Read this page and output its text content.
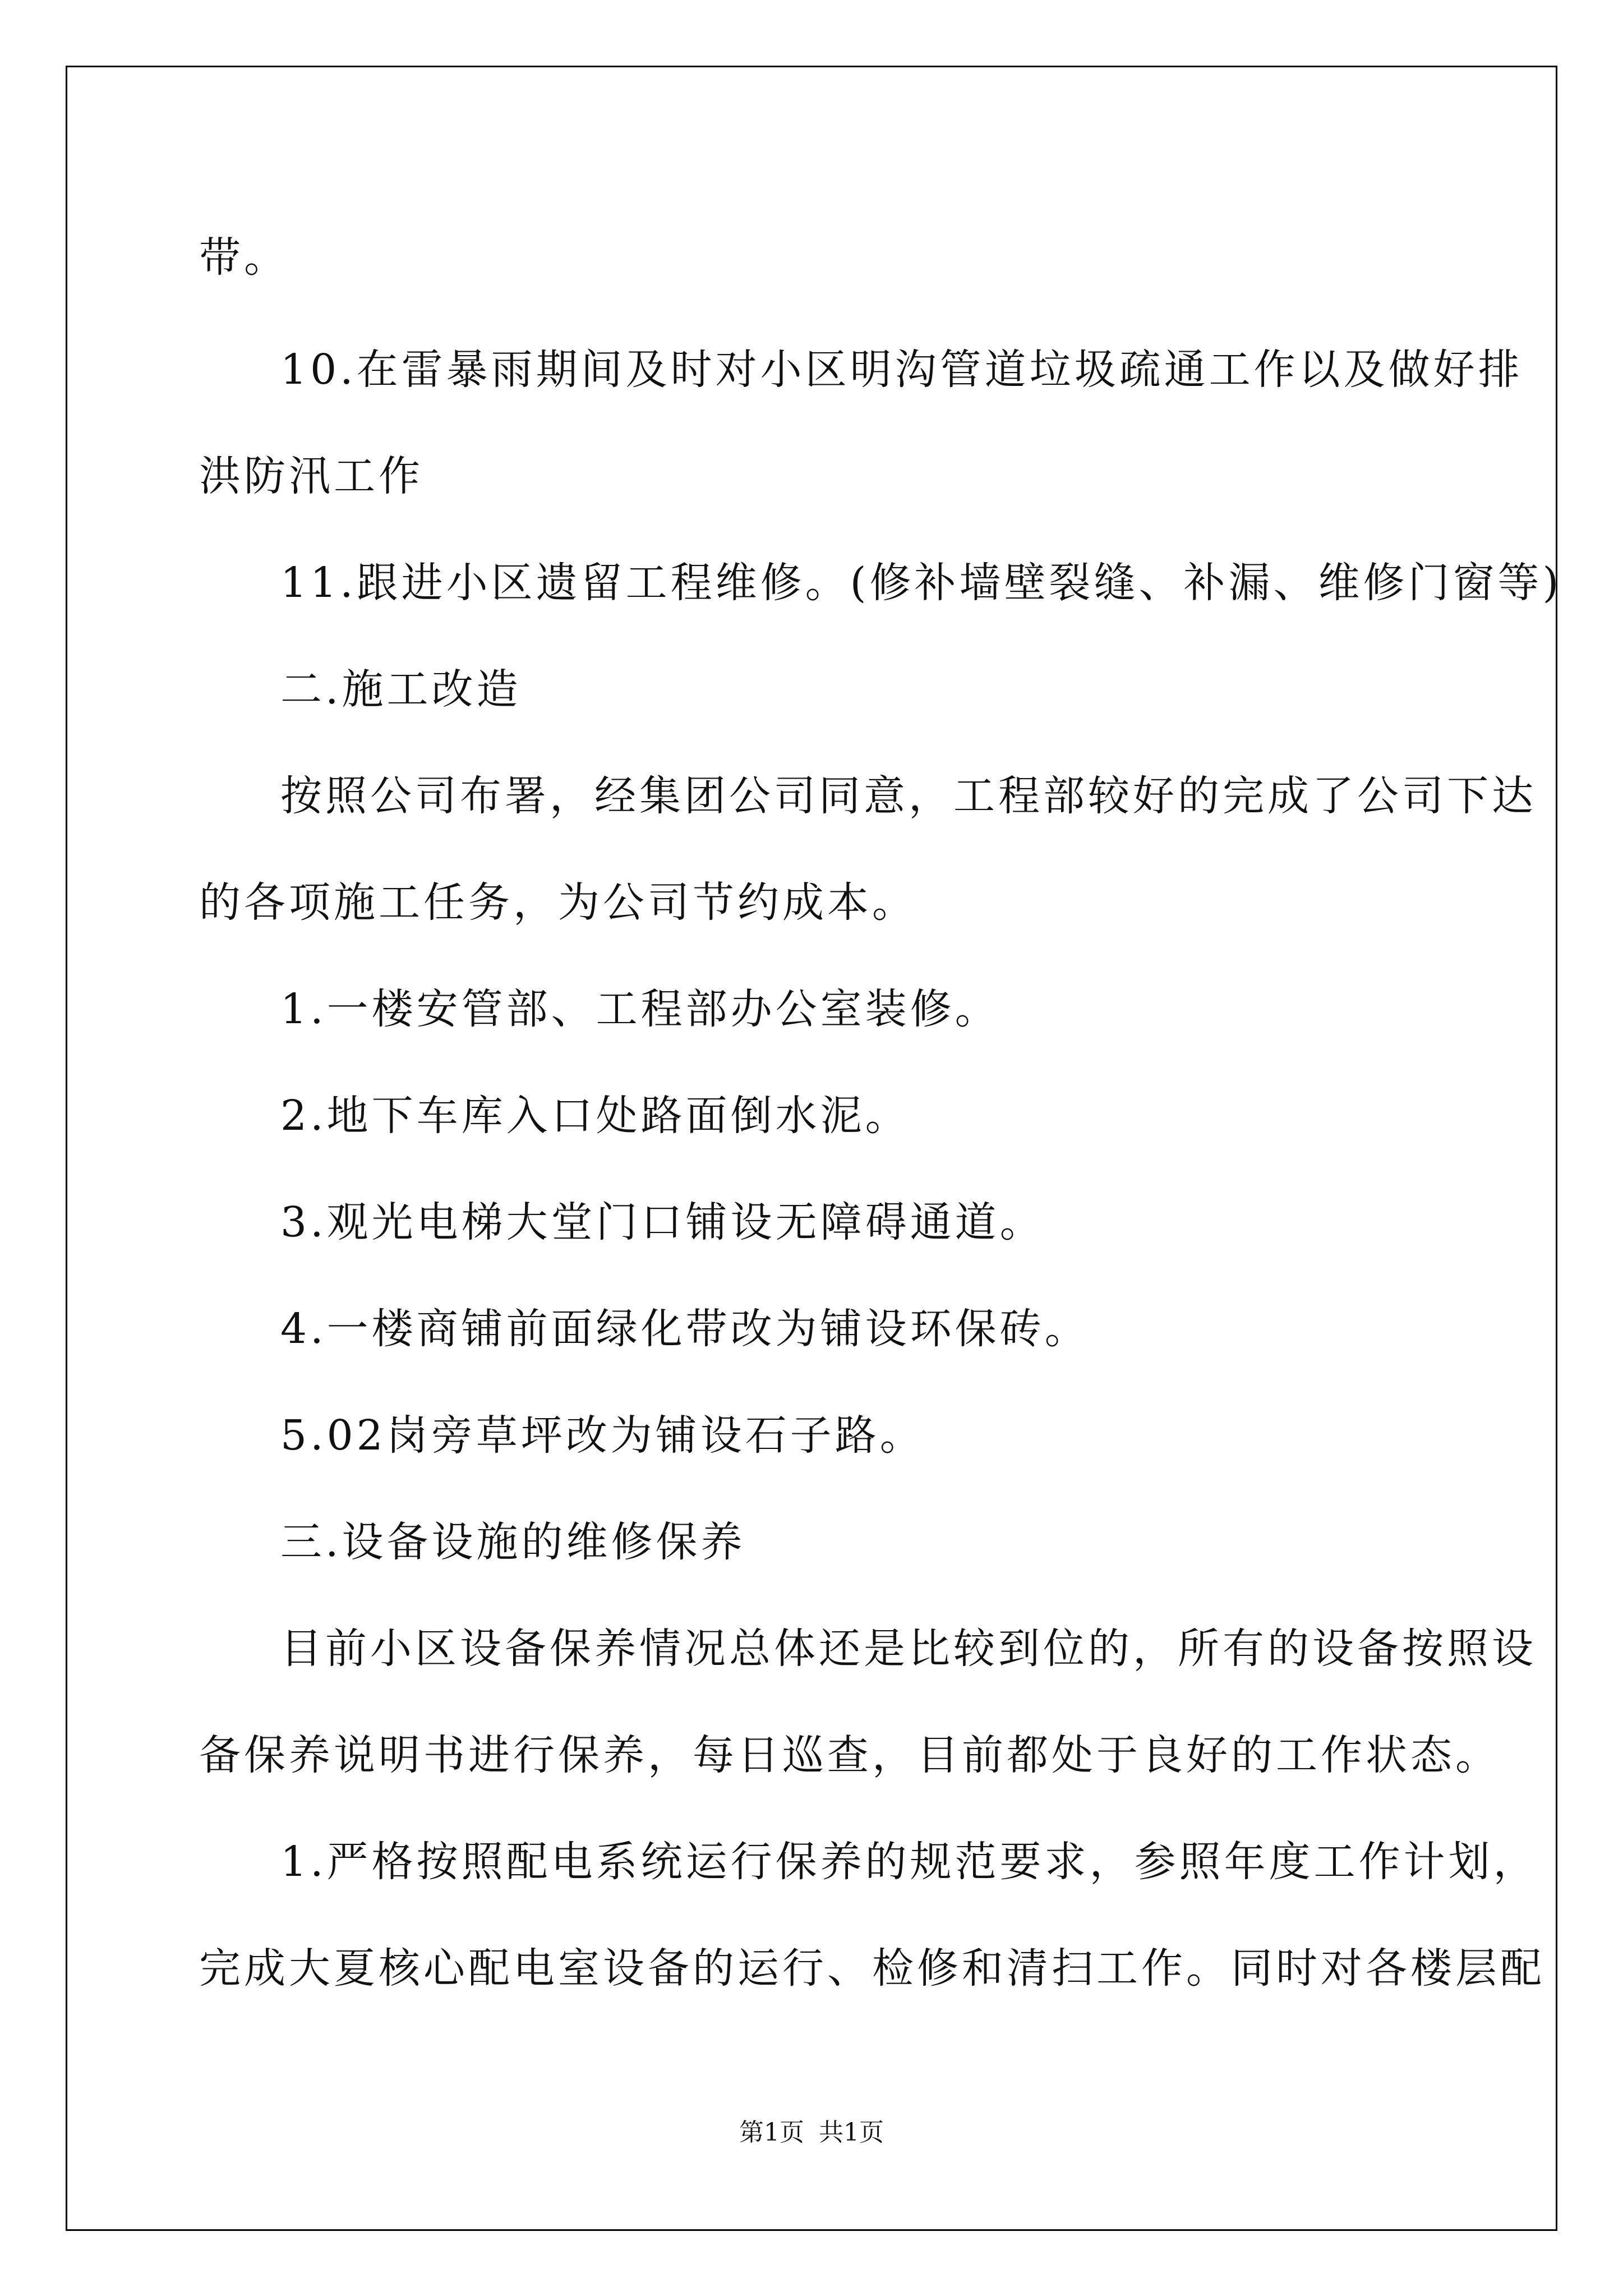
带。
10.在雷暴雨期间及时对小区明沟管道垃圾疏通工作以及做好排
洪防汛工作
11.跟进小区遗留工程维修。(修补墙壁裂缝、补漏、维修门窗等)
二.施工改造
按照公司布署，经集团公司同意，工程部较好的完成了公司下达
的各项施工任务，为公司节约成本。
1.一楼安管部、工程部办公室装修。
2.地下车库入口处路面倒水泥。
3.观光电梯大堂门口铺设无障碍通道。
4.一楼商铺前面绿化带改为铺设环保砖。
5.02岗旁草坪改为铺设石子路。
三.设备设施的维修保养
目前小区设备保养情况总体还是比较到位的，所有的设备按照设
备保养说明书进行保养，每日巡查，目前都处于良好的工作状态。
1.严格按照配电系统运行保养的规范要求，参照年度工作计划，
完成大夏核心配电室设备的运行、检修和清扫工作。同时对各楼层配
第1页 共1页
